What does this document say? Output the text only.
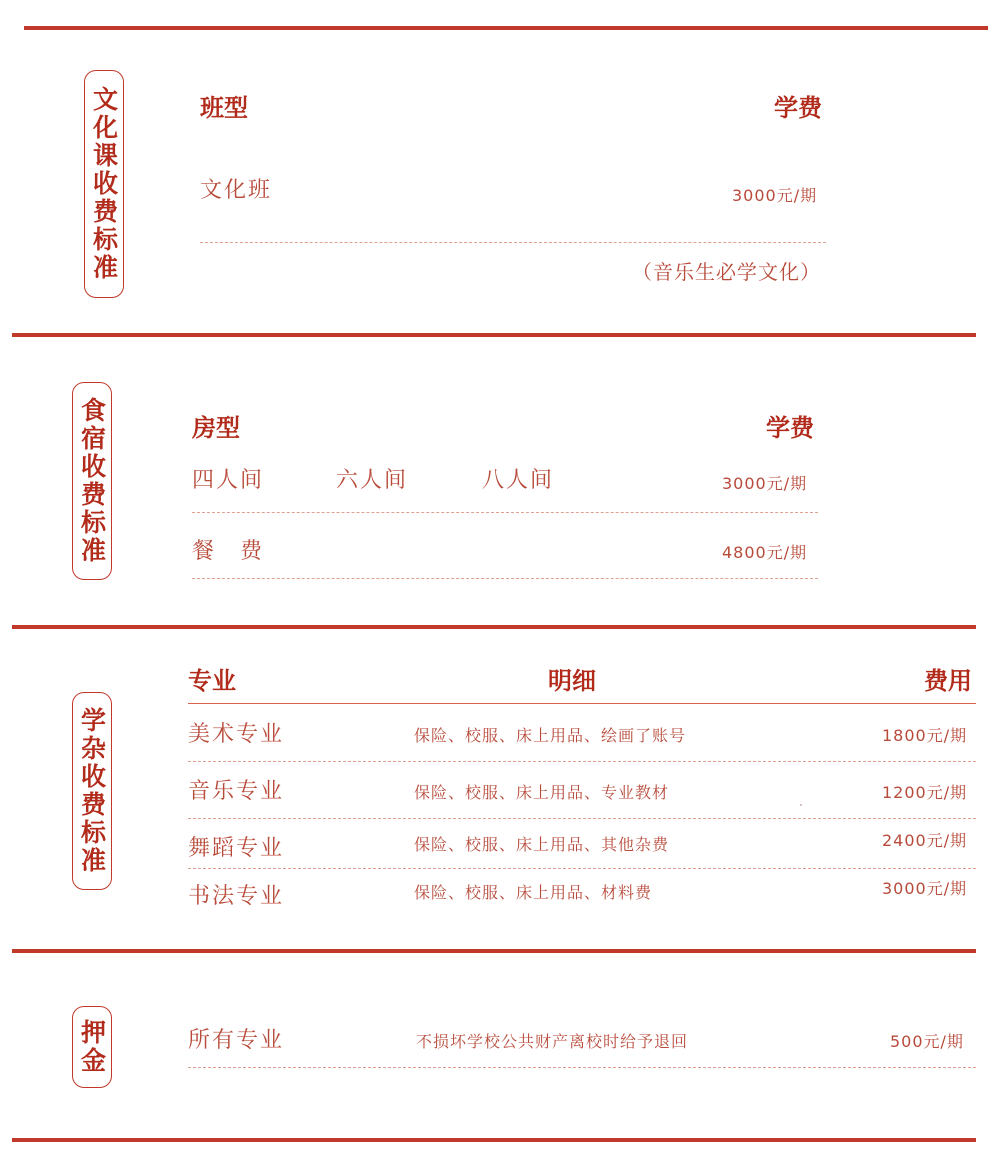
文化课收费标准	班型	学费
文化班	3000元/期
（音乐生必学文化）
食宿收费标准	房型	学费
四人间	六人间	八人间	3000元/期
餐　费	4800元/期
学杂收费标准
专业	明细	费用
美术专业	保险、校服、床上用品、绘画了账号	1800元/期
音乐专业	保险、校服、床上用品、专业教材	1200元/期
舞蹈专业	保险、校服、床上用品、其他杂费	2400元/期
书法专业	保险、校服、床上用品、材料费	3000元/期
押金	所有专业	不损坏学校公共财产离校时给予退回	500元/期
